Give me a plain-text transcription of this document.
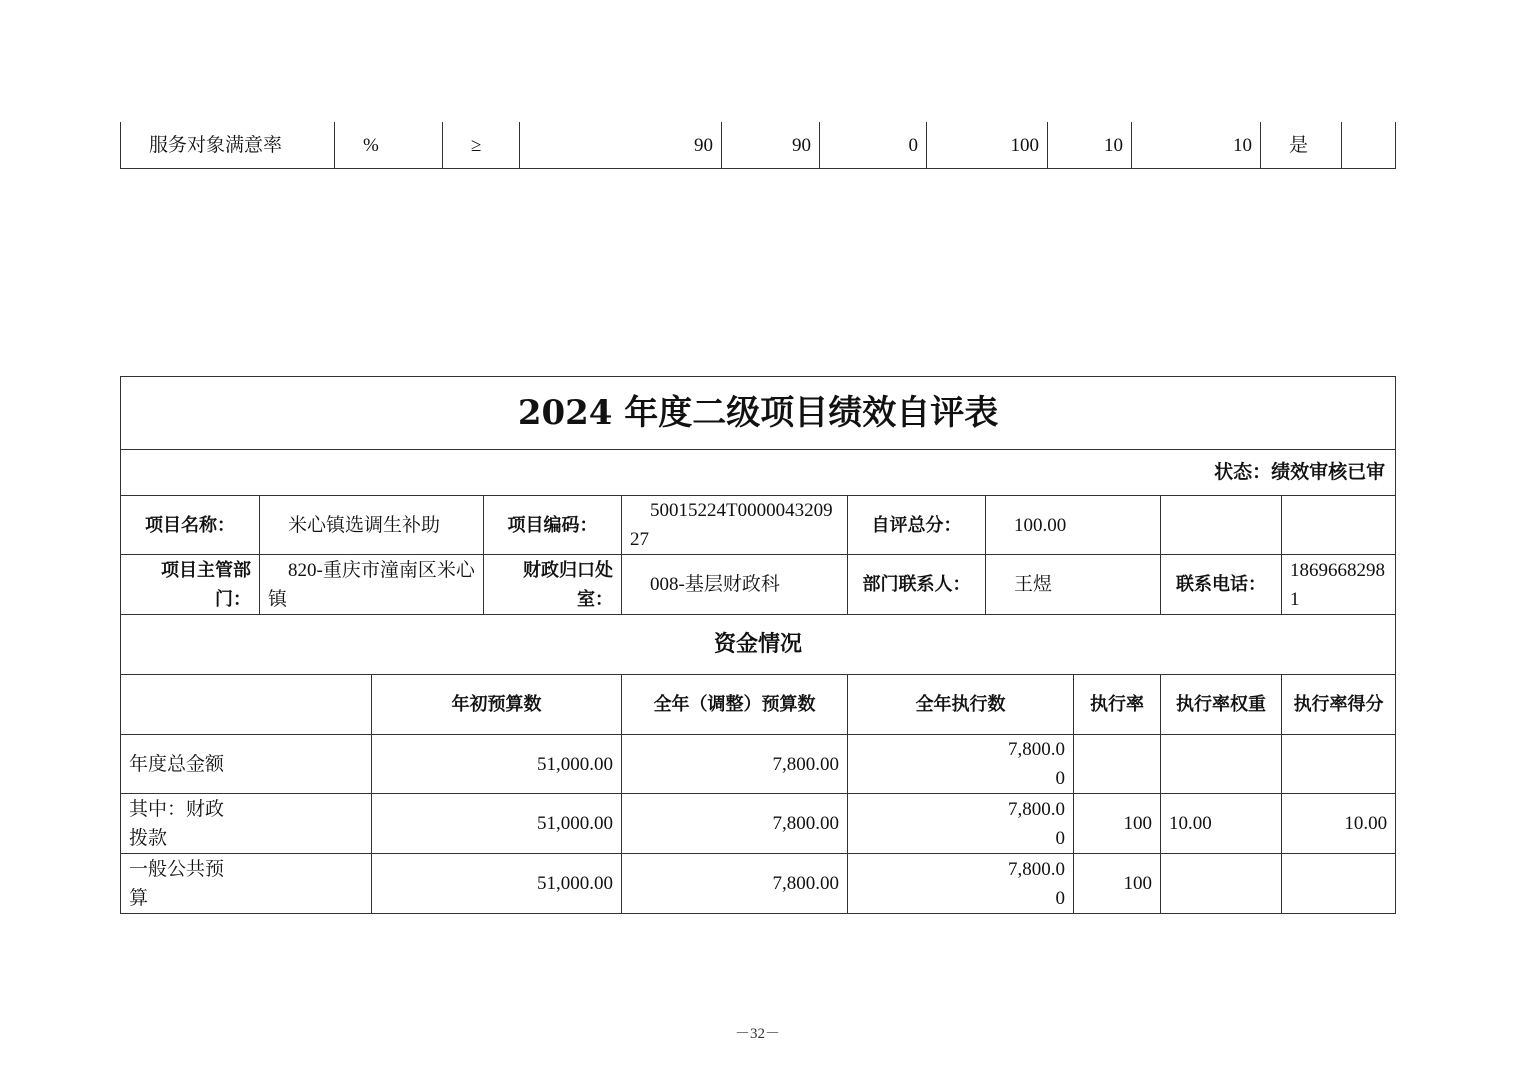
服务对象满意率	%	≥	90	90	0	100	10	10	是	
2024 年度二级项目绩效自评表									
状态：绩效审核已审									
项目名称：	米心镇选调生补助		项目编码：	50015224T000004320927	自评总分：	100.00			
项目主管部门：	820-重庆市潼南区米心镇		财政归口处室：	008-基层财政科	部门联系人：	王煜		联系电话：	18696682981
资金情况									
		年初预算数		全年（调整）预算数	全年执行数		执行率	执行率权重	执行率得分
年度总金额		51,000.00		7,800.00	7,800.00				
其中：财政拨款		51,000.00		7,800.00	7,800.00		100	10.00	10.00
一般公共预算		51,000.00		7,800.00	7,800.00		100		
－32－
